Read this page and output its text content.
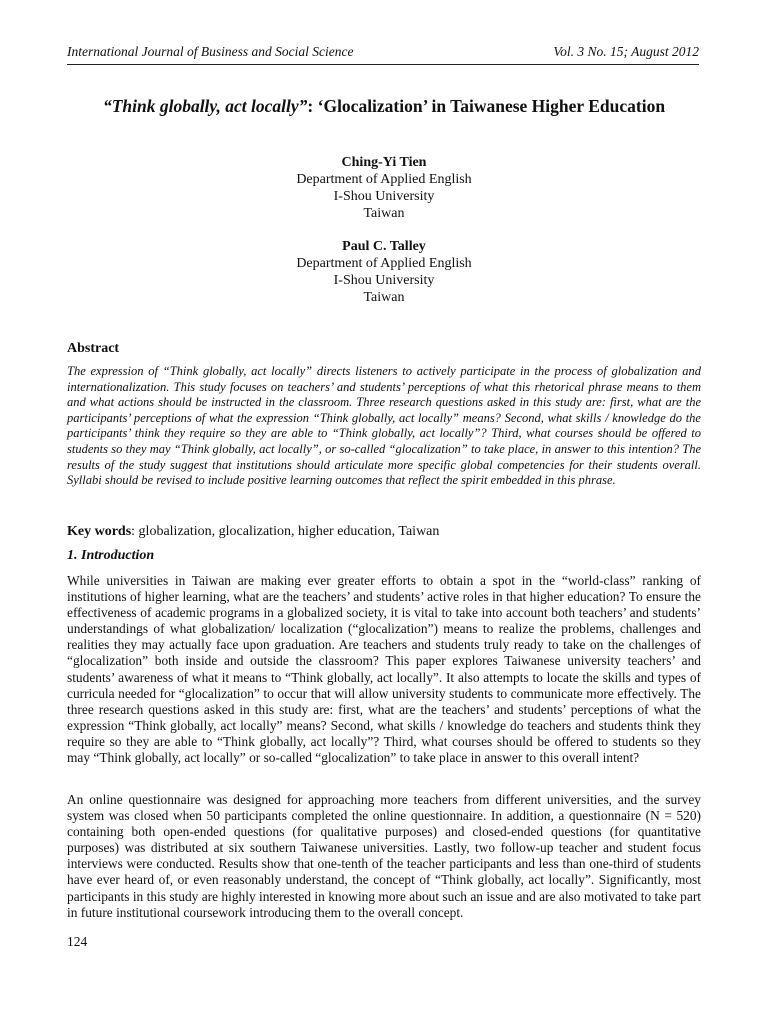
International Journal of Business and Social Science	Vol. 3 No. 15; August 2012
“Think globally, act locally”: ‘Glocalization’ in Taiwanese Higher Education
Ching-Yi Tien
Department of Applied English
I-Shou University
Taiwan
Paul C. Talley
Department of Applied English
I-Shou University
Taiwan
Abstract
The expression of “Think globally, act locally” directs listeners to actively participate in the process of globalization and internationalization. This study focuses on teachers’ and students’ perceptions of what this rhetorical phrase means to them and what actions should be instructed in the classroom. Three research questions asked in this study are: first, what are the participants’ perceptions of what the expression “Think globally, act locally” means? Second, what skills / knowledge do the participants’ think they require so they are able to “Think globally, act locally”? Third, what courses should be offered to students so they may “Think globally, act locally”, or so-called “glocalization” to take place, in answer to this intention? The results of the study suggest that institutions should articulate more specific global competencies for their students overall. Syllabi should be revised to include positive learning outcomes that reflect the spirit embedded in this phrase.
Key words: globalization, glocalization, higher education, Taiwan
1. Introduction
While universities in Taiwan are making ever greater efforts to obtain a spot in the “world-class” ranking of institutions of higher learning, what are the teachers’ and students’ active roles in that higher education? To ensure the effectiveness of academic programs in a globalized society, it is vital to take into account both teachers’ and students’ understandings of what globalization/ localization (“glocalization”) means to realize the problems, challenges and realities they may actually face upon graduation. Are teachers and students truly ready to take on the challenges of “glocalization” both inside and outside the classroom? This paper explores Taiwanese university teachers’ and students’ awareness of what it means to “Think globally, act locally”. It also attempts to locate the skills and types of curricula needed for “glocalization” to occur that will allow university students to communicate more effectively. The three research questions asked in this study are: first, what are the teachers’ and students’ perceptions of what the expression “Think globally, act locally” means? Second, what skills / knowledge do teachers and students think they require so they are able to “Think globally, act locally”? Third, what courses should be offered to students so they may “Think globally, act locally” or so-called “glocalization” to take place in answer to this overall intent?
An online questionnaire was designed for approaching more teachers from different universities, and the survey system was closed when 50 participants completed the online questionnaire. In addition, a questionnaire (N = 520) containing both open-ended questions (for qualitative purposes) and closed-ended questions (for quantitative purposes) was distributed at six southern Taiwanese universities. Lastly, two follow-up teacher and student focus interviews were conducted. Results show that one-tenth of the teacher participants and less than one-third of students have ever heard of, or even reasonably understand, the concept of “Think globally, act locally”. Significantly, most participants in this study are highly interested in knowing more about such an issue and are also motivated to take part in future institutional coursework introducing them to the overall concept.
124
